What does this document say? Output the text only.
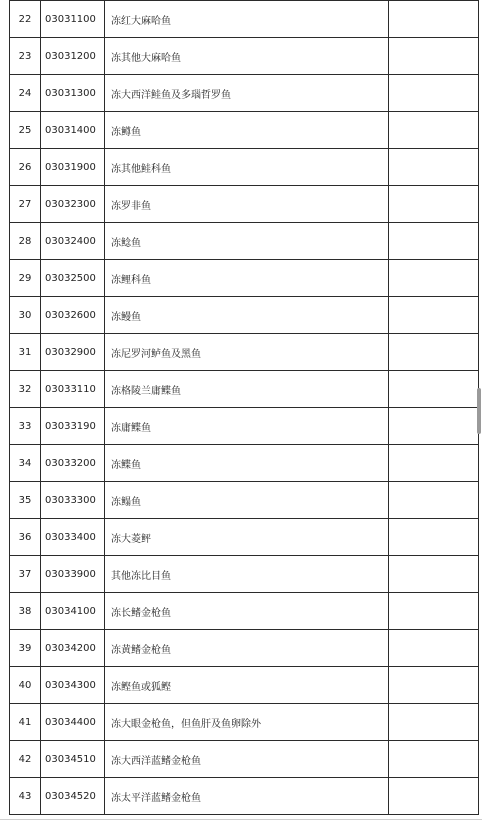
22	03031100	冻红大麻哈鱼	
23	03031200	冻其他大麻哈鱼	
24	03031300	冻大西洋鲑鱼及多瑙哲罗鱼	
25	03031400	冻鳟鱼	
26	03031900	冻其他鲑科鱼	
27	03032300	冻罗非鱼	
28	03032400	冻鲶鱼	
29	03032500	冻鲤科鱼	
30	03032600	冻鳗鱼	
31	03032900	冻尼罗河鲈鱼及黑鱼	
32	03033110	冻格陵兰庸鲽鱼	
33	03033190	冻庸鲽鱼	
34	03033200	冻鲽鱼	
35	03033300	冻鳎鱼	
36	03033400	冻大菱鲆	
37	03033900	其他冻比目鱼	
38	03034100	冻长鳍金枪鱼	
39	03034200	冻黄鳍金枪鱼	
40	03034300	冻鲣鱼或狐鲣	
41	03034400	冻大眼金枪鱼，但鱼肝及鱼卵除外	
42	03034510	冻大西洋蓝鳍金枪鱼	
43	03034520	冻太平洋蓝鳍金枪鱼	
